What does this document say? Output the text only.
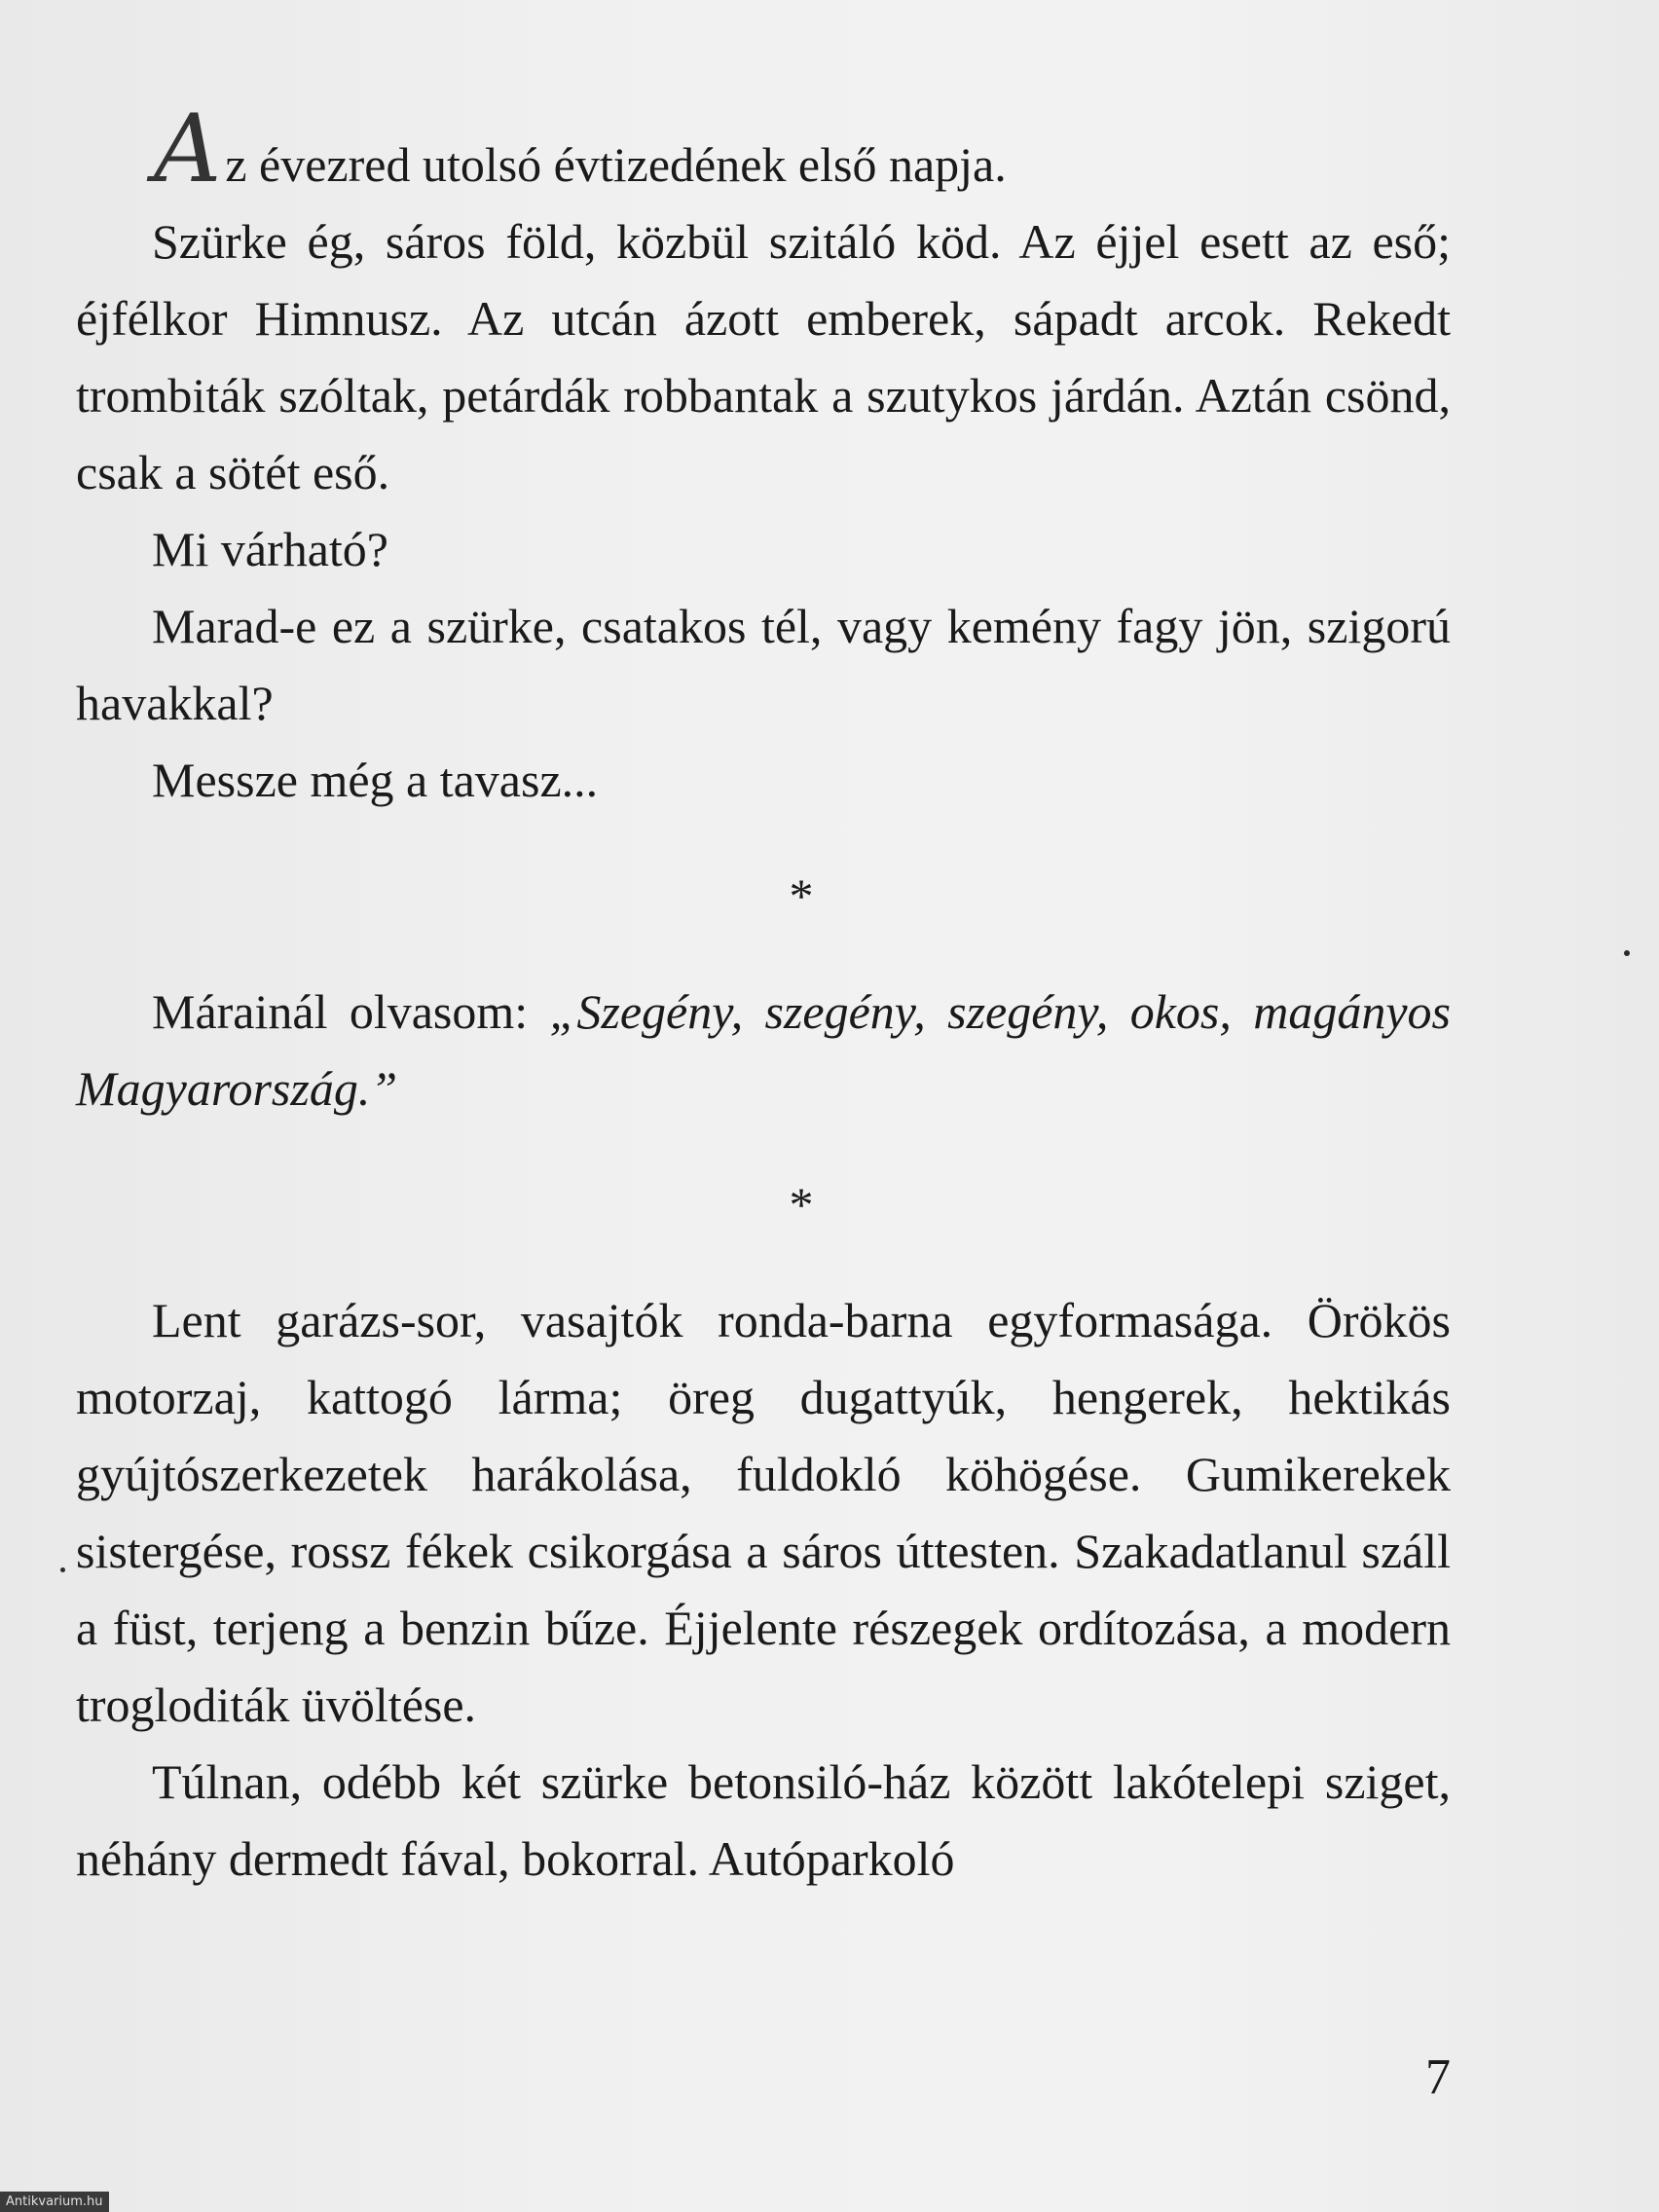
Az évezred utolsó évtizedének első napja.

Szürke ég, sáros föld, közbül szitáló köd. Az éjjel esett az eső; éjfélkor Himnusz. Az utcán ázott emberek, sápadt arcok. Rekedt trombiták szóltak, petárdák robbantak a szutykos járdán. Aztán csönd, csak a sötét eső.

Mi várható?

Marad-e ez a szürke, csatakos tél, vagy kemény fagy jön, szigorú havakkal?

Messze még a tavasz...

*

Márainál olvasom: „Szegény, szegény, szegény, okos, magányos Magyarország.”

*

Lent garázs-sor, vasajtók ronda-barna egyformasága. Örökös motorzaj, kattogó lárma; öreg dugattyúk, hengerek, hektikás gyújtószerkezetek harákolása, fuldokló köhögése. Gumikerekek sistergése, rossz fékek csikorgása a sáros úttesten. Szakadatlanul száll a füst, terjeng a benzin bűze. Éjjelente részegek ordítozása, a modern trogloditák üvöltése.

Túlnan, odébb két szürke betonsiló-ház között lakótelepi sziget, néhány dermedt fával, bokorral. Autóparkoló

7
Antikvarium.hu
